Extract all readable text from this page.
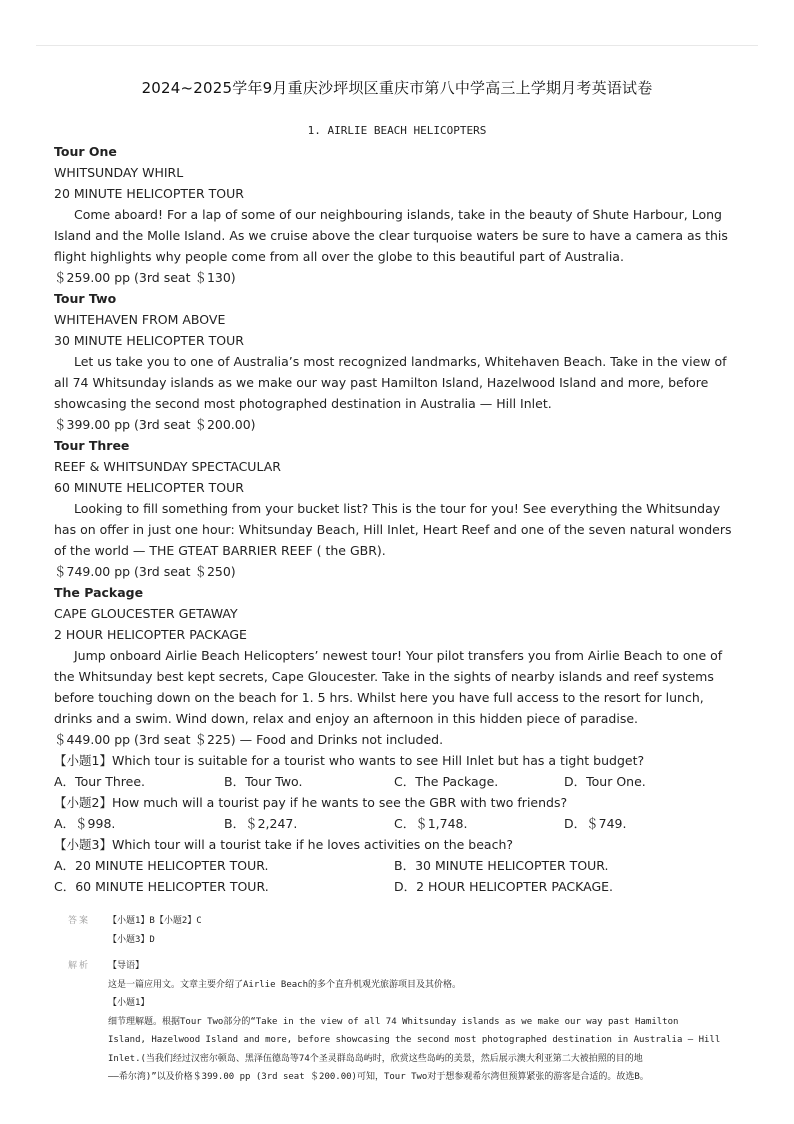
2024~2025学年9月重庆沙坪坝区重庆市第八中学高三上学期月考英语试卷
1. AIRLIE BEACH HELICOPTERS

Tour One

WHITSUNDAY WHIRL

20 MINUTE HELICOPTER TOUR

Come aboard! For a lap of some of our neighbouring islands, take in the beauty of Shute Harbour, Long Island and the Molle Island. As we cruise above the clear turquoise waters be sure to have a camera as this flight highlights why people come from all over the globe to this beautiful part of Australia.

＄259.00 pp (3rd seat ＄130)

Tour Two

WHITEHAVEN FROM ABOVE

30 MINUTE HELICOPTER TOUR

Let us take you to one of Australia’s most recognized landmarks, Whitehaven Beach. Take in the view of all 74 Whitsunday islands as we make our way past Hamilton Island, Hazelwood Island and more, before showcasing the second most photographed destination in Australia — Hill Inlet.

＄399.00 pp (3rd seat ＄200.00)

Tour Three

REEF & WHITSUNDAY SPECTACULAR

60 MINUTE HELICOPTER TOUR

Looking to fill something from your bucket list? This is the tour for you! See everything the Whitsunday has on offer in just one hour: Whitsunday Beach, Hill Inlet, Heart Reef and one of the seven natural wonders of the world — THE GTEAT BARRIER REEF ( the GBR).

＄749.00 pp (3rd seat ＄250)

The Package

CAPE GLOUCESTER GETAWAY

2 HOUR HELICOPTER PACKAGE

Jump onboard Airlie Beach Helicopters’ newest tour! Your pilot transfers you from Airlie Beach to one of the Whitsunday best kept secrets, Cape Gloucester. Take in the sights of nearby islands and reef systems before touching down on the beach for 1. 5 hrs. Whilst here you have full access to the resort for lunch, drinks and a swim. Wind down, relax and enjoy an afternoon in this hidden piece of paradise.

＄449.00 pp (3rd seat ＄225) — Food and Drinks not included.

【小题1】Which tour is suitable for a tourist who wants to see Hill Inlet but has a tight budget?

A．Tour Three.	B．Tour Two.	C．The Package.	D．Tour One.

【小题2】How much will a tourist pay if he wants to see the GBR with two friends?

A．＄998.	B．＄2,247.	C．＄1,748.	D．＄749.

【小题3】Which tour will a tourist take if he loves activities on the beach?

A．20 MINUTE HELICOPTER TOUR.	B．30 MINUTE HELICOPTER TOUR.
C．60 MINUTE HELICOPTER TOUR.	D．2 HOUR HELICOPTER PACKAGE.
答案	【小题1】B【小题2】C
【小题3】D
解析	【导语】
这是一篇应用文。文章主要介绍了Airlie Beach的多个直升机观光旅游项目及其价格。
【小题1】
细节理解题。根据Tour Two部分的“Take in the view of all 74 Whitsunday islands as we make our way past Hamilton
Island, Hazelwood Island and more, before showcasing the second most photographed destination in Australia — Hill
Inlet.(当我们经过汉密尔顿岛、黑泽伍德岛等74个圣灵群岛岛屿时，欣赏这些岛屿的美景，然后展示澳大利亚第二大被拍照的目的地
——希尔湾)”以及价格＄399.00 pp (3rd seat ＄200.00)可知，Tour Two对于想参观希尔湾但预算紧张的游客是合适的。故选B。
